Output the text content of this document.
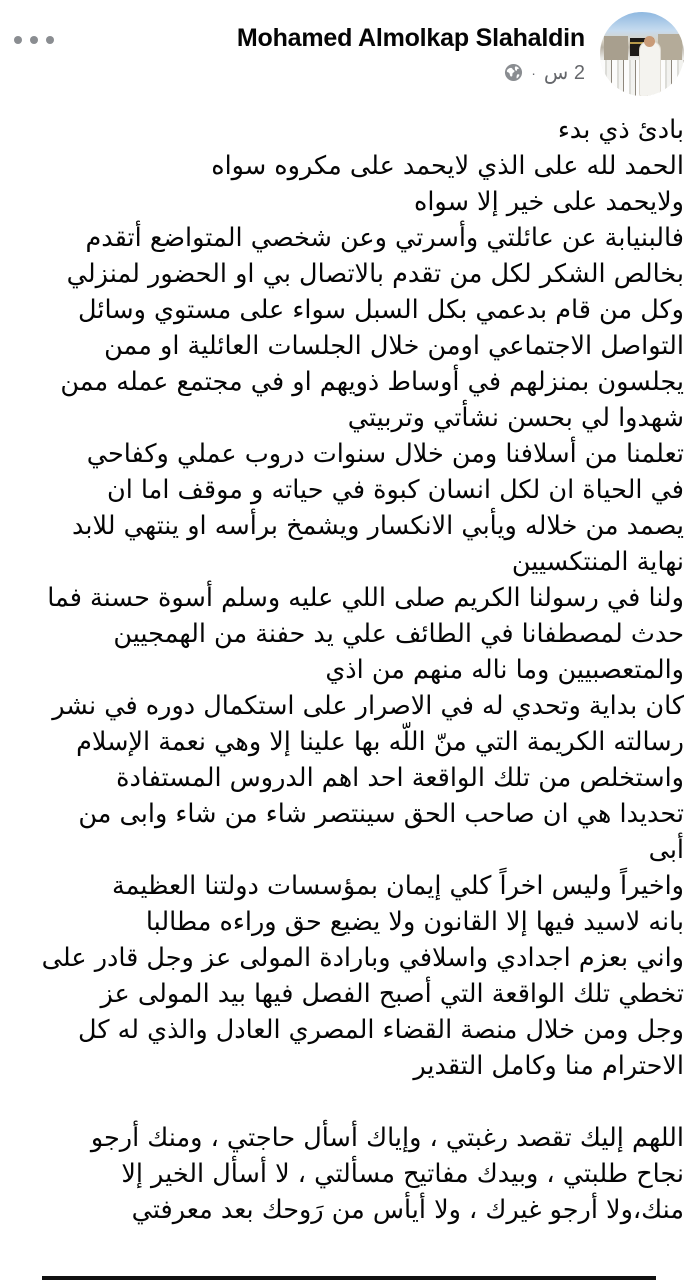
Mohamed Almolkap Slahaldin
2 س
·
بادئ ذي بدء
الحمد لله على الذي لايحمد على مكروه سواه
ولايحمد على خير إلا سواه
فالبنيابة عن عائلتي وأسرتي وعن شخصي المتواضع أتقدم
بخالص الشكر لكل من تقدم بالاتصال بي او الحضور لمنزلي
وكل من قام بدعمي بكل السبل سواء على مستوي وسائل
التواصل الاجتماعي اومن خلال الجلسات العائلية او ممن
يجلسون بمنزلهم في أوساط ذويهم او في مجتمع عمله ممن
شهدوا لي بحسن نشأتي وتربيتي
تعلمنا من أسلافنا ومن خلال سنوات دروب عملي وكفاحي
في الحياة ان لكل انسان كبوة في حياته و موقف اما ان
يصمد من خلاله ويأبي الانكسار ويشمخ برأسه او ينتهي للابد
نهاية المنتكسيين
ولنا في رسولنا الكريم صلى اللي عليه وسلم أسوة حسنة فما
حدث لمصطفانا في الطائف علي يد حفنة من الهمجيين
والمتعصبيين وما ناله منهم من اذي
كان بداية وتحدي له في الاصرار على استكمال دوره في نشر
رسالته الكريمة التي منّ اللّه بها علينا إلا وهي نعمة الإسلام
واستخلص من تلك الواقعة احد اهم الدروس المستفادة
تحديدا هي ان صاحب الحق سينتصر شاء من شاء وابى من
أبى
واخيراً وليس اخراً كلي إيمان بمؤسسات دولتنا العظيمة
بانه لاسيد فيها إلا القانون ولا يضيع حق وراءه مطالبا
واني بعزم اجدادي واسلافي وبارادة المولى عز وجل قادر على
تخطي تلك الواقعة التي أصبح الفصل فيها بيد المولى عز
وجل ومن خلال منصة القضاء المصري العادل والذي له كل
الاحترام منا وكامل التقدير
اللهم إليك تقصد رغبتي ، وإياك أسأل حاجتي ، ومنك أرجو
نجاح طلبتي ، وبيدك مفاتيح مسألتي ، لا أسأل الخير إلا
منك،ولا أرجو غيرك ، ولا أيأس من رَوحك بعد معرفتي
